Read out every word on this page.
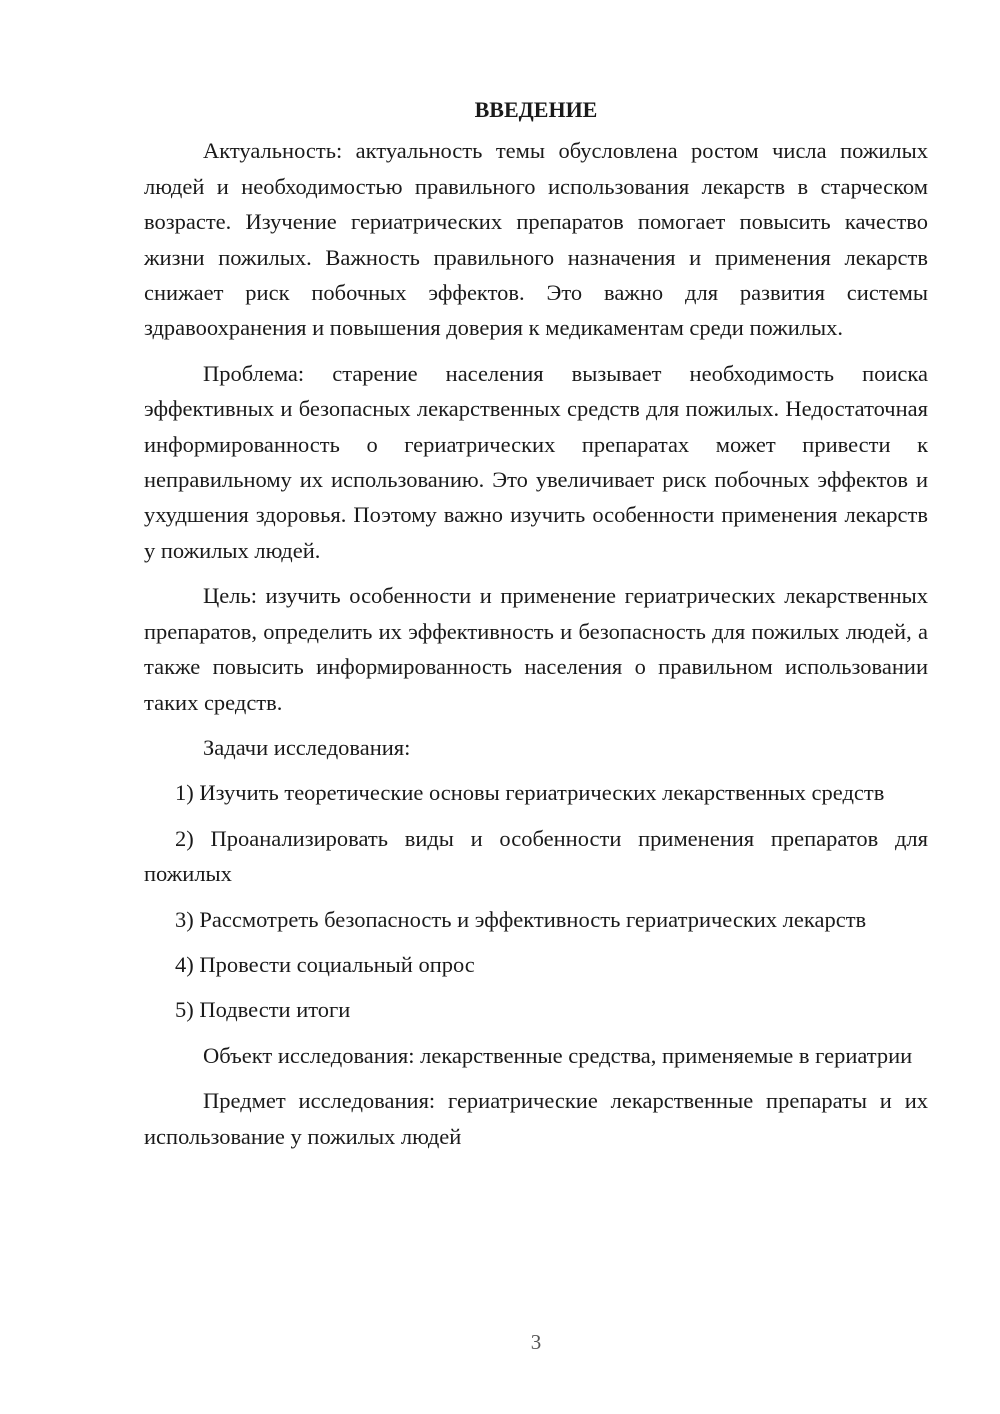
ВВЕДЕНИЕ

Актуальность: актуальность темы обусловлена ростом числа пожилых людей и необходимостью правильного использования лекарств в старческом возрасте. Изучение гериатрических препаратов помогает повысить качество жизни пожилых. Важность правильного назначения и применения лекарств снижает риск побочных эффектов. Это важно для развития системы здравоохранения и повышения доверия к медикаментам среди пожилых.

Проблема: старение населения вызывает необходимость поиска эффективных и безопасных лекарственных средств для пожилых. Недостаточная информированность о гериатрических препаратах может привести к неправильному их использованию. Это увеличивает риск побочных эффектов и ухудшения здоровья. Поэтому важно изучить особенности применения лекарств у пожилых людей.

Цель: изучить особенности и применение гериатрических лекарственных препаратов, определить их эффективность и безопасность для пожилых людей, а также повысить информированность населения о правильном использовании таких средств.

Задачи исследования:

1) Изучить теоретические основы гериатрических лекарственных средств

2) Проанализировать виды и особенности применения препаратов для пожилых

3) Рассмотреть безопасность и эффективность гериатрических лекарств

4) Провести социальный опрос

5) Подвести итоги

Объект исследования: лекарственные средства, применяемые в гериатрии

Предмет исследования: гериатрические лекарственные препараты и их использование у пожилых людей

3
